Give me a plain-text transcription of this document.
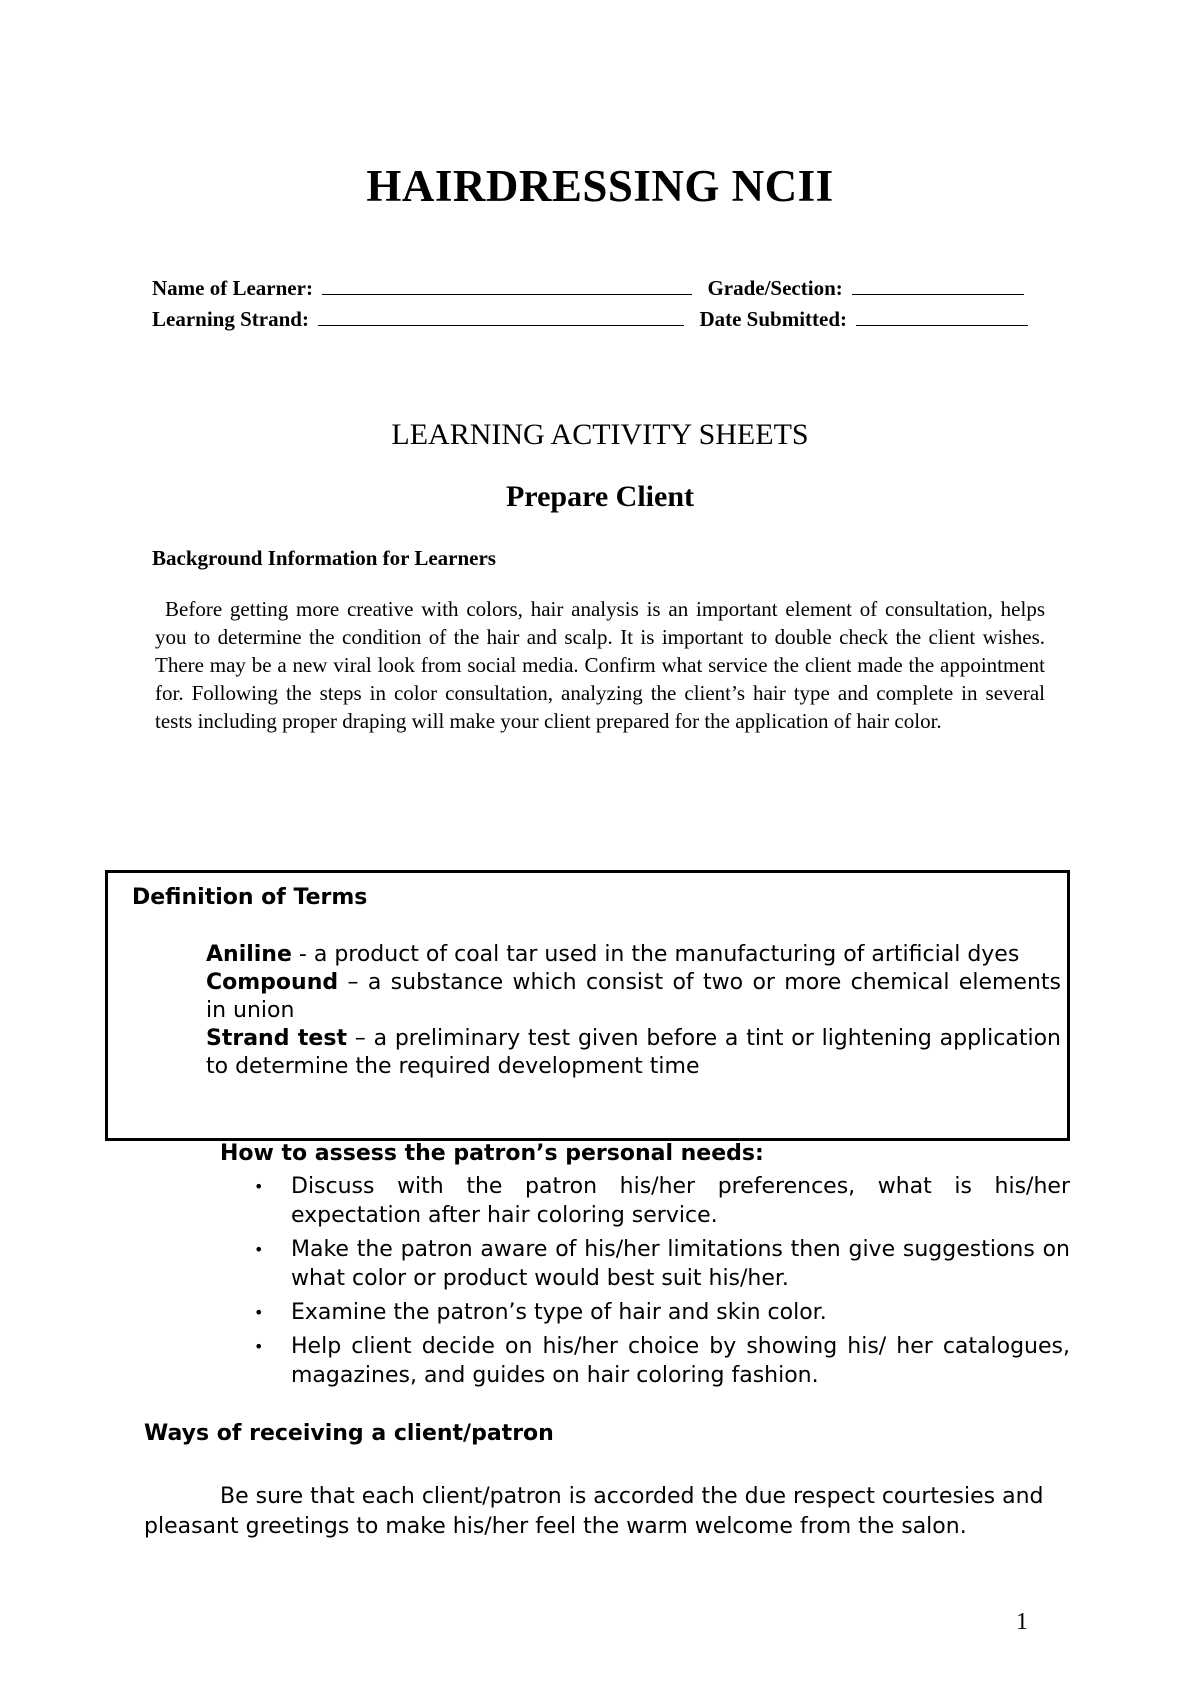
HAIRDRESSING NCII
Name of Learner:	Grade/Section:
Learning Strand:	Date Submitted:
LEARNING ACTIVITY SHEETS
Prepare Client
Background Information for Learners

Before getting more creative with colors, hair analysis is an important element of consultation, helps you to determine the condition of the hair and scalp. It is important to double check the client wishes. There may be a new viral look from social media. Confirm what service the client made the appointment for. Following the steps in color consultation, analyzing the client’s hair type and complete in several tests including proper draping will make your client prepared for the application of hair color.

Definition of Terms

Aniline - a product of coal tar used in the manufacturing of artificial dyes

Compound – a substance which consist of two or more chemical elements in union

Strand test – a preliminary test given before a tint or lightening application to determine the required development time

How to assess the patron’s personal needs:
• Discuss with the patron his/her preferences, what is his/her expectation after hair coloring service.
• Make the patron aware of his/her limitations then give suggestions on what color or product would best suit his/her.
• Examine the patron’s type of hair and skin color.
• Help client decide on his/her choice by showing his/ her catalogues, magazines, and guides on hair coloring fashion.
Ways of receiving a client/patron

Be sure that each client/patron is accorded the due respect courtesies and pleasant greetings to make his/her feel the warm welcome from the salon.

1
